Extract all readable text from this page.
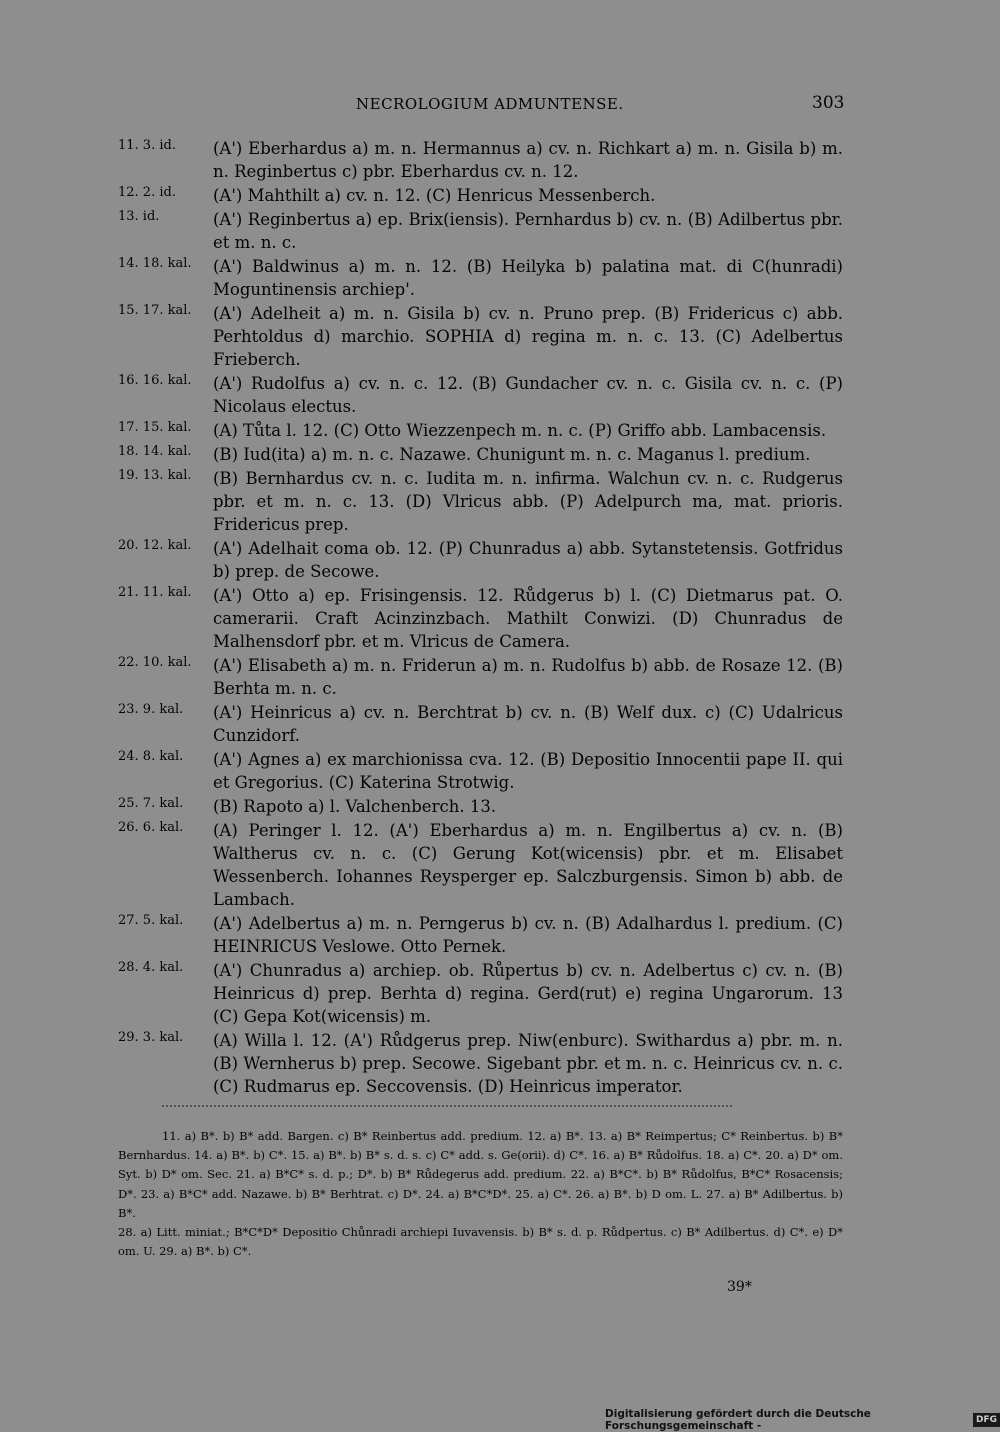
NECROLOGIUM ADMUNTENSE.	303
11. 3. id.	(A') Eberhardus a) m. n. Hermannus a) cv. n. Richkart a) m. n. Gisila b) m. n. Reginbertus c) pbr. Eberhardus cv. n. 12.
12. 2. id.	(A') Mahthilt a) cv. n. 12. (C) Henricus Messenberch.
13. id.	(A') Reginbertus a) ep. Brix(iensis). Pernhardus b) cv. n. (B) Adilbertus pbr. et m. n. c.
14. 18. kal.	(A') Baldwinus a) m. n. 12. (B) Heilyka b) palatina mat. di C(hunradi) Moguntinensis archiep'.
15. 17. kal.	(A') Adelheit a) m. n. Gisila b) cv. n. Pruno prep. (B) Fridericus c) abb. Perhtoldus d) marchio. SOPHIA d) regina m. n. c. 13. (C) Adelbertus Frieberch.
16. 16. kal.	(A') Rudolfus a) cv. n. c. 12. (B) Gundacher cv. n. c. Gisila cv. n. c. (P) Nicolaus electus.
17. 15. kal.	(A) Tůta l. 12. (C) Otto Wiezzenpech m. n. c. (P) Griffo abb. Lambacensis.
18. 14. kal.	(B) Iud(ita) a) m. n. c. Nazawe. Chunigunt m. n. c. Maganus l. predium.
19. 13. kal.	(B) Bernhardus cv. n. c. Iudita m. n. infirma. Walchun cv. n. c. Rudgerus pbr. et m. n. c. 13. (D) Vlricus abb. (P) Adelpurch ma, mat. prioris. Fridericus prep.
20. 12. kal.	(A') Adelhait coma ob. 12. (P) Chunradus a) abb. Sytanstetensis. Gotfridus b) prep. de Secowe.
21. 11. kal.	(A') Otto a) ep. Frisingensis. 12. Růdgerus b) l. (C) Dietmarus pat. O. camerarii. Craft Acinzinzbach. Mathilt Conwizi. (D) Chunradus de Malhensdorf pbr. et m. Vlricus de Camera.
22. 10. kal.	(A') Elisabeth a) m. n. Friderun a) m. n. Rudolfus b) abb. de Rosaze 12. (B) Berhta m. n. c.
23. 9. kal.	(A') Heinricus a) cv. n. Berchtrat b) cv. n. (B) Welf dux. c) (C) Udalricus Cunzidorf.
24. 8. kal.	(A') Agnes a) ex marchionissa cva. 12. (B) Depositio Innocentii pape II. qui et Gregorius. (C) Katerina Strotwig.
25. 7. kal.	(B) Rapoto a) l. Valchenberch. 13.
26. 6. kal.	(A) Peringer l. 12. (A') Eberhardus a) m. n. Engilbertus a) cv. n. (B) Waltherus cv. n. c. (C) Gerung Kot(wicensis) pbr. et m. Elisabet Wessenberch. Iohannes Reysperger ep. Salczburgensis. Simon b) abb. de Lambach.
27. 5. kal.	(A') Adelbertus a) m. n. Perngerus b) cv. n. (B) Adalhardus l. predium. (C) HEINRICUS Veslowe. Otto Pernek.
28. 4. kal.	(A') Chunradus a) archiep. ob. Růpertus b) cv. n. Adelbertus c) cv. n. (B) Heinricus d) prep. Berhta d) regina. Gerd(rut) e) regina Ungarorum. 13 (C) Gepa Kot(wicensis) m.
29. 3. kal.	(A) Willa l. 12. (A') Růdgerus prep. Niw(enburc). Swithardus a) pbr. m. n. (B) Wernherus b) prep. Secowe. Sigebant pbr. et m. n. c. Heinricus cv. n. c. (C) Rudmarus ep. Seccovensis. (D) Heinricus imperator.

11. a) B*. b) B* add. Bargen. c) B* Reinbertus add. predium. 12. a) B*. 13. a) B* Reimpertus; C* Reinbertus. b) B* Bernhardus. 14. a) B*. b) C*. 15. a) B*. b) B* s. d. s. c) C* add. s. Ge(orii). d) C*. 16. a) B* Růdolfus. 18. a) C*. 20. a) D* om. Syt. b) D* om. Sec. 21. a) B*C* s. d. p.; D*. b) B* Růdegerus add. predium. 22. a) B*C*. b) B* Růdolfus, B*C* Rosacensis; D*. 23. a) B*C* add. Nazawe. b) B* Berhtrat. c) D*. 24. a) B*C*D*. 25. a) C*. 26. a) B*. b) D om. L. 27. a) B* Adilbertus. b) B*.

28. a) Litt. miniat.; B*C*D* Depositio Chůnradi archiepi Iuvavensis. b) B* s. d. p. Růdpertus. c) B* Adilbertus. d) C*. e) D* om. U. 29. a) B*. b) C*.

39*
Digitalisierung gefördert durch die Deutsche Forschungsgemeinschaft -	DFG
